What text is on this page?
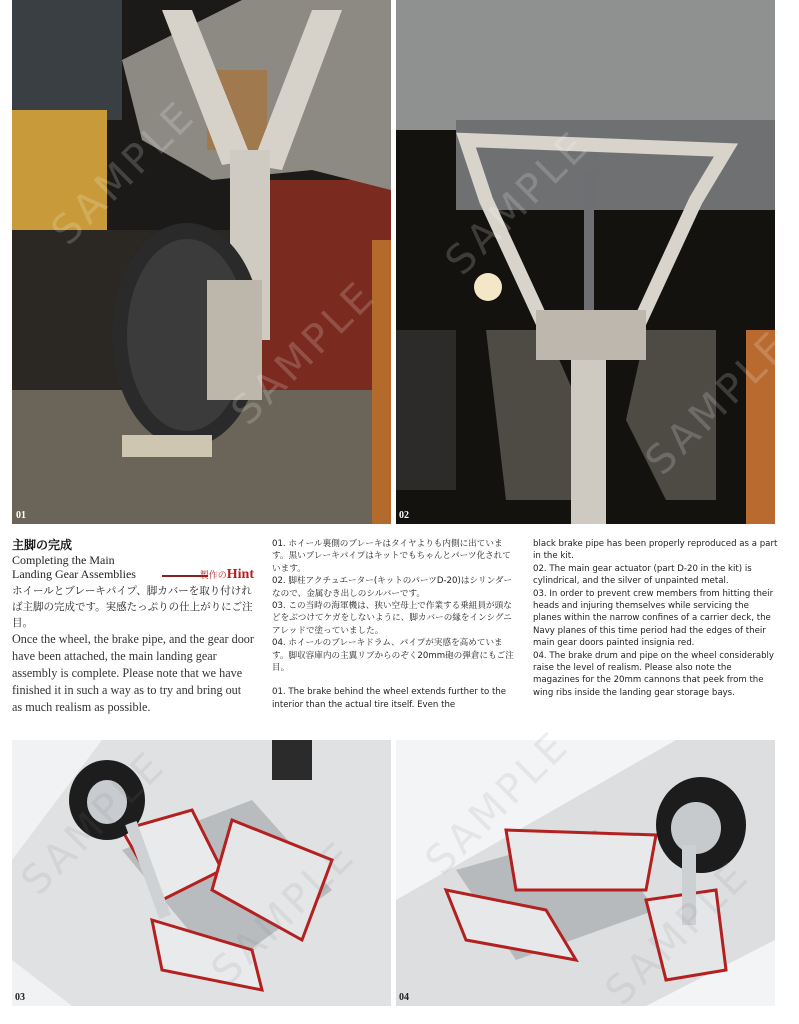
01	02

主脚の完成

Completing the Main

Landing Gear Assemblies	製作のHint

ホイールとブレーキパイプ、脚カバーを取り付ければ主脚の完成です。実感たっぷりの仕上がりにご注目。

Once the wheel, the brake pipe, and the gear door have been attached, the main landing gear assembly is complete. Please note that we have finished it in such a way as to try and bring out as much realism as possible.

01. ホイール裏側のブレーキはタイヤよりも内側に出ています。黒いブレーキパイプはキットでもちゃんとパーツ化されています。

02. 脚柱アクチュエーター(キットのパーツD-20)はシリンダーなので、金属むき出しのシルバーです。

03. この当時の海軍機は、狭い空母上で作業する乗組員が頭などをぶつけてケガをしないように、脚カバーの縁をインシグニアレッドで塗っていました。

04. ホイールのブレーキドラム、パイプが実感を高めています。脚収容庫内の主翼リブからのぞく20mm砲の弾倉にもご注目。

01. The brake behind the wheel extends further to the interior than the actual tire itself. Even the

black brake pipe has been properly reproduced as a part in the kit.

02. The main gear actuator (part D-20 in the kit) is cylindrical, and the silver of unpainted metal.

03. In order to prevent crew members from hitting their heads and injuring themselves while servicing the planes within the narrow confines of a carrier deck, the Navy planes of this time period had the edges of their main gear doors painted insignia red.

04. The brake drum and pipe on the wheel considerably raise the level of realism. Please also note the magazines for the 20mm cannons that peek from the wing ribs inside the landing gear storage bays.

03	04
